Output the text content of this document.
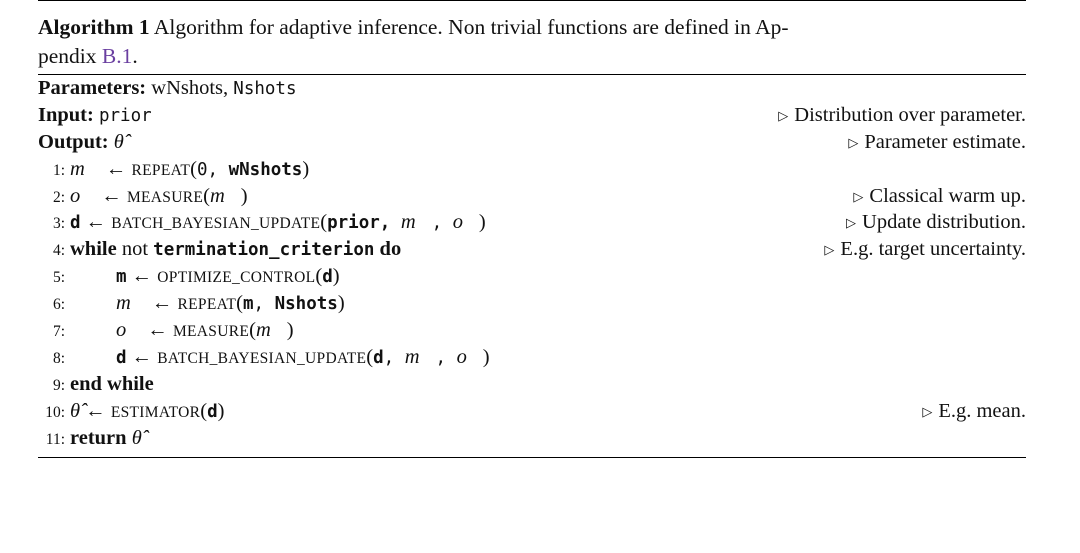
Algorithm 1 Algorithm for adaptive inference. Non trivial functions are defined in Ap-
pendix B.1.
Parameters: wNshots, Nshots
Input: prior	▷ Distribution over parameter.
Output: θ̂	▷ Parameter estimate.
1: m⃗ ← REPEAT(0, wNshots)
2: o⃗ ← MEASURE(m⃗)	▷ Classical warm up.
3: d ← BATCH_BAYESIAN_UPDATE(prior, m⃗, o⃗)	▷ Update distribution.
4: while not termination_criterion do	▷ E.g. target uncertainty.
5:	m ← OPTIMIZE_CONTROL(d)
6: m⃗ ← REPEAT(m, Nshots)
7: o⃗ ← MEASURE(m⃗)
8:	d ← BATCH_BAYESIAN_UPDATE(d, m⃗, o⃗)
9: end while
10: θ̂ ← ESTIMATOR(d)	▷ E.g. mean.
11: return θ̂
